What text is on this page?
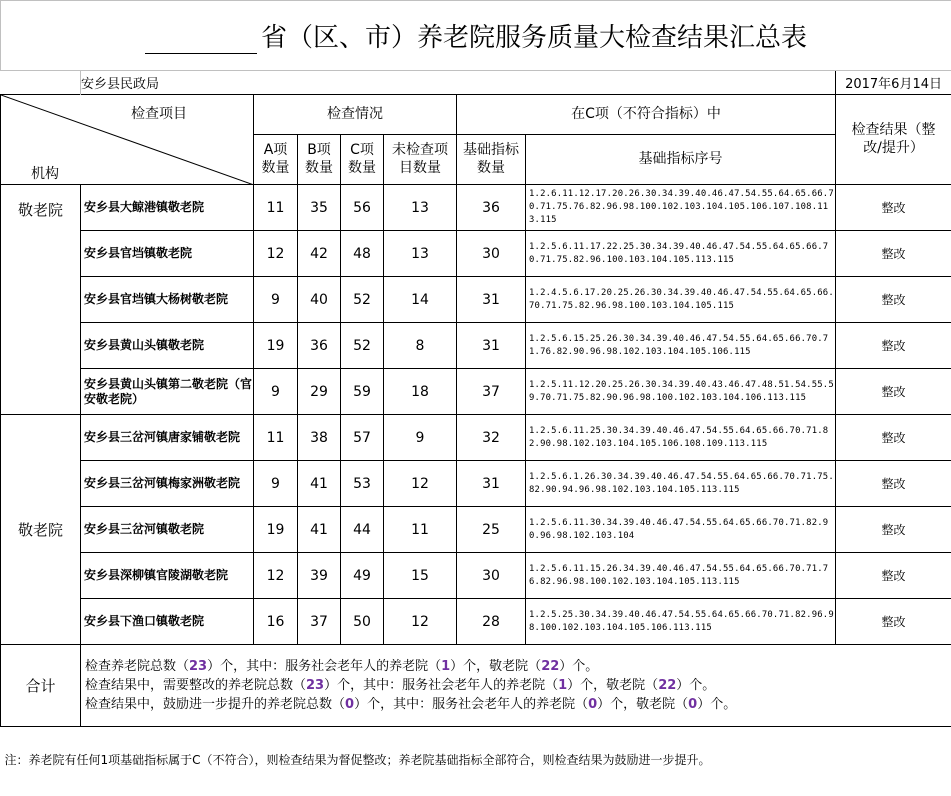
省（区、市）养老院服务质量大检查结果汇总表								
	安乡县民政局							2017年6月14日

检查项目
机构		检查情况				在C项（不符合指标）中		检查结果（整改/提升）

		A项数量	B项数量	C项数量	未检查项目数量	基础指标数量	基础指标序号	
敬老院	安乡县大鲸港镇敬老院	11	35	56	13	36	1.2.6.11.12.17.20.26.30.34.39.40.46.47.54.55.64.65.66.70.71.75.76.82.96.98.100.102.103.104.105.106.107.108.113.115	整改
	安乡县官垱镇敬老院	12	42	48	13	30	1.2.5.6.11.17.22.25.30.34.39.40.46.47.54.55.64.65.66.70.71.75.82.96.100.103.104.105.113.115	整改
	安乡县官垱镇大杨树敬老院	9	40	52	14	31	1.2.4.5.6.17.20.25.26.30.34.39.40.46.47.54.55.64.65.66.70.71.75.82.96.98.100.103.104.105.115	整改
	安乡县黄山头镇敬老院	19	36	52	8	31	1.2.5.6.15.25.26.30.34.39.40.46.47.54.55.64.65.66.70.71.76.82.90.96.98.102.103.104.105.106.115	整改
	安乡县黄山头镇第二敬老院（官安敬老院）	9	29	59	18	37	1.2.5.11.12.20.25.26.30.34.39.40.43.46.47.48.51.54.55.59.70.71.75.82.90.96.98.100.102.103.104.106.113.115	整改
敬老院	安乡县三岔河镇唐家铺敬老院	11	38	57	9	32	1.2.5.6.11.25.30.34.39.40.46.47.54.55.64.65.66.70.71.82.90.98.102.103.104.105.106.108.109.113.115	整改
	安乡县三岔河镇梅家洲敬老院	9	41	53	12	31	1.2.5.6.1.26.30.34.39.40.46.47.54.55.64.65.66.70.71.75.82.90.94.96.98.102.103.104.105.113.115	整改
	安乡县三岔河镇敬老院	19	41	44	11	25	1.2.5.6.11.30.34.39.40.46.47.54.55.64.65.66.70.71.82.90.96.98.102.103.104	整改
	安乡县深柳镇官陵湖敬老院	12	39	49	15	30	1.2.5.6.11.15.26.34.39.40.46.47.54.55.64.65.66.70.71.76.82.96.98.100.102.103.104.105.113.115	整改
	安乡县下渔口镇敬老院	16	37	50	12	28	1.2.5.25.30.34.39.40.46.47.54.55.64.65.66.70.71.82.96.98.100.102.103.104.105.106.113.115	整改
合计	检查养老院总数（23）个，其中：服务社会老年人的养老院（1）个，敬老院（22）个。
检查结果中，需要整改的养老院总数（23）个，其中：服务社会老年人的养老院（1）个，敬老院（22）个。
检查结果中，鼓励进一步提升的养老院总数（0）个，其中：服务社会老年人的养老院（0）个，敬老院（0）个。							

注：养老院有任何1项基础指标属于C（不符合），则检查结果为督促整改；养老院基础指标全部符合，则检查结果为鼓励进一步提升。								
